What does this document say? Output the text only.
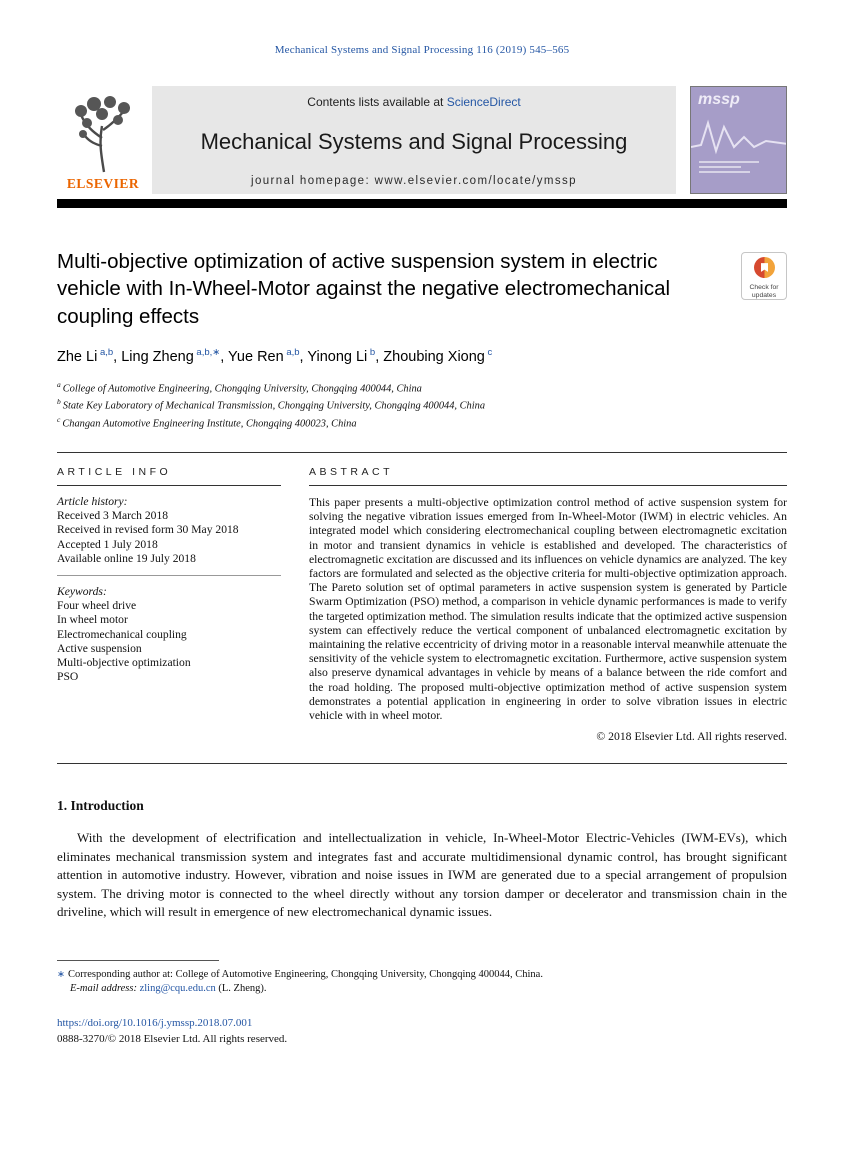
Mechanical Systems and Signal Processing 116 (2019) 545–565
ELSEVIER
Contents lists available at ScienceDirect
Mechanical Systems and Signal Processing
journal homepage: www.elsevier.com/locate/ymssp
mssp
Multi-objective optimization of active suspension system in electric vehicle with In-Wheel-Motor against the negative electromechanical coupling effects
Check for
updates
Zhe Li $^{a,b}$, Ling Zheng $^{a,b,∗}$, Yue Ren $^{a,b}$, Yinong Li $^b$, Zhoubing Xiong $^c$
$^a$ College of Automotive Engineering, Chongqing University, Chongqing 400044, China
$^b$ State Key Laboratory of Mechanical Transmission, Chongqing University, Chongqing 400044, China
$^c$ Changan Automotive Engineering Institute, Chongqing 400023, China
ARTICLE INFO
Article history:
Received 3 March 2018
Received in revised form 30 May 2018
Accepted 1 July 2018
Available online 19 July 2018
Keywords:
Four wheel drive
In wheel motor
Electromechanical coupling
Active suspension
Multi-objective optimization
PSO
ABSTRACT

This paper presents a multi-objective optimization control method of active suspension system for solving the negative vibration issues emerged from In-Wheel-Motor (IWM) in electric vehicles. An integrated model which considering electromechanical coupling between electromagnetic excitation in motor and transient dynamics in vehicle is established and developed. The characteristics of electromagnetic excitation are discussed and its influences on vehicle dynamics are analyzed. The key factors are formulated and selected as the objective criteria for multi-objective optimization approach. The Pareto solution set of optimal parameters in active suspension system is generated by Particle Swarm Optimization (PSO) method, a comparison in vehicle dynamic performances is made to verify the targeted optimization method. The simulation results indicate that the optimized active suspension system can effectively reduce the vertical component of unbalanced electromagnetic excitation by maintaining the relative eccentricity of driving motor in a reasonable interval meanwhile attenuate the sensitivity of the vehicle system to electromagnetic excitation. Furthermore, active suspension system also preserve dynamical advantages in vehicle by means of a balance between the ride comfort and the road holding. The proposed multi-objective optimization method of active suspension system demonstrates a potential application in engineering in order to solve vibration issues in electric vehicle with in wheel motor.

© 2018 Elsevier Ltd. All rights reserved.
1. Introduction

With the development of electrification and intellectualization in vehicle, In-Wheel-Motor Electric-Vehicles (IWM-EVs), which eliminates mechanical transmission system and integrates fast and accurate multidimensional dynamic control, has brought significant attention in automotive industry. However, vibration and noise issues in IWM are generated due to a special arrangement of propulsion system. The driving motor is connected to the wheel directly without any torsion damper or decelerator and transmission chain in the driveline, which will result in emergence of new electromechanical dynamic issues.

∗ Corresponding author at: College of Automotive Engineering, Chongqing University, Chongqing 400044, China.
E-mail address: zling@cqu.edu.cn (L. Zheng).
https://doi.org/10.1016/j.ymssp.2018.07.001
0888-3270/© 2018 Elsevier Ltd. All rights reserved.
